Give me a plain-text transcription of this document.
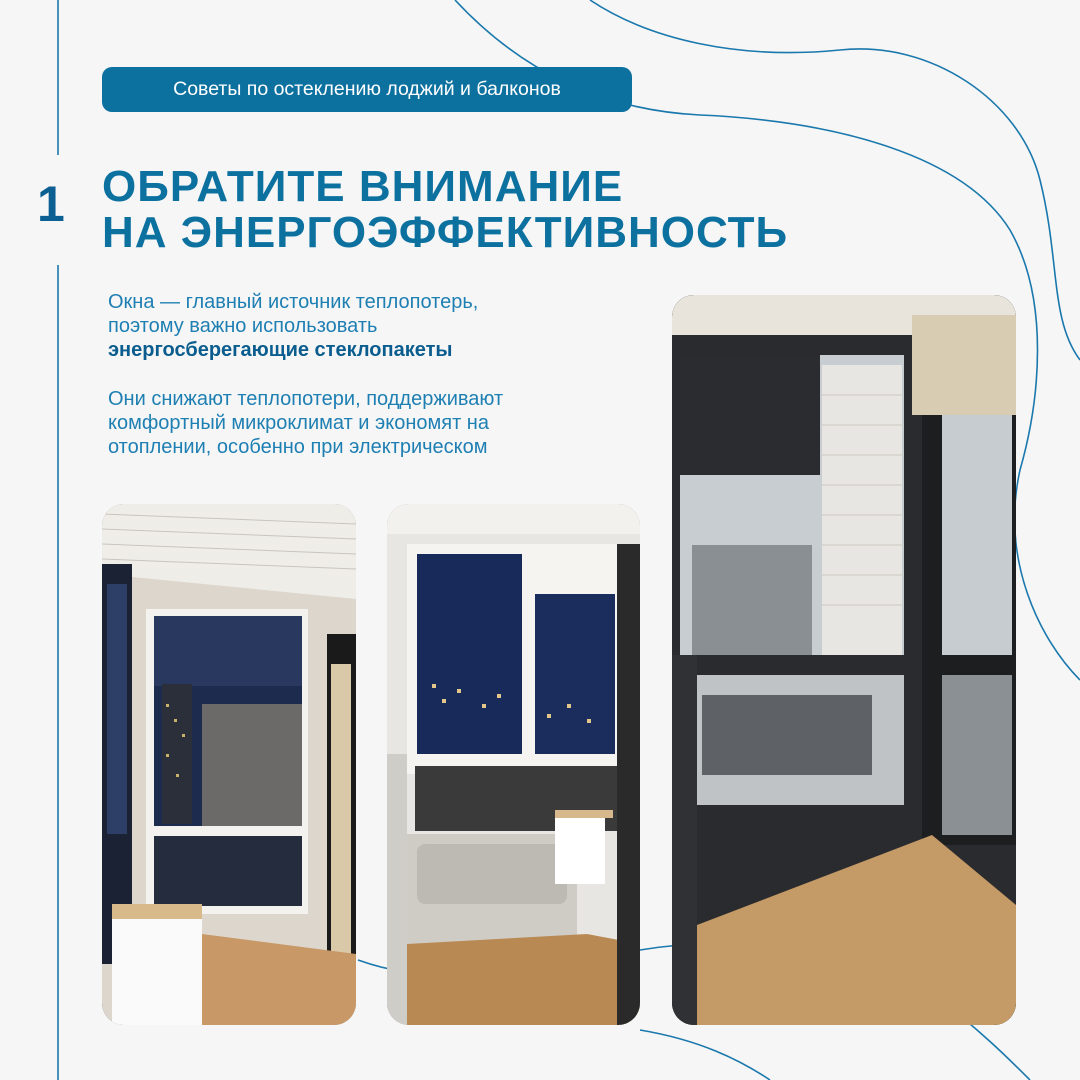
Советы по остеклению лоджий и балконов
1 ОБРАТИТЕ ВНИМАНИЕ
НА ЭНЕРГОЭФФЕКТИВНОСТЬ
Окна — главный источник теплопотерь,
поэтому важно использовать
энергосберегающие стеклопакеты
Они снижают теплопотери, поддерживают
комфортный микроклимат и экономят на
отоплении, особенно при электрическом
